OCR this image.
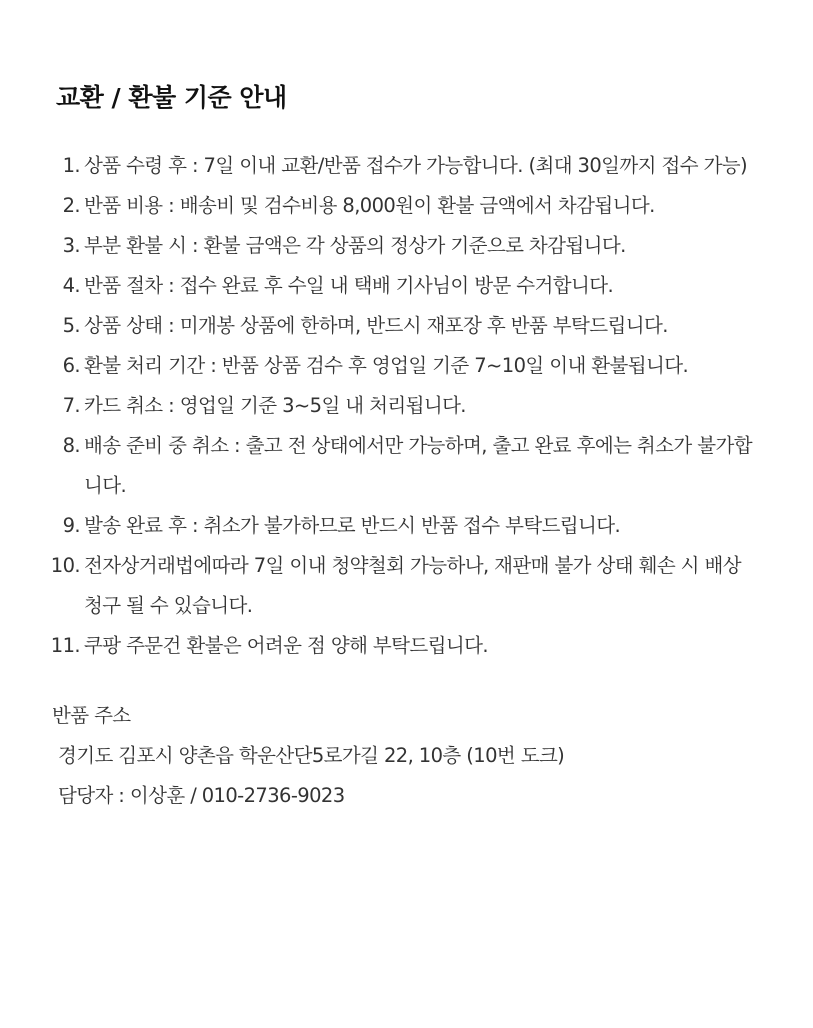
교환 / 환불 기준 안내
1. 상품 수령 후 : 7일 이내 교환/반품 접수가 가능합니다. (최대 30일까지 접수 가능)
2. 반품 비용 : 배송비 및 검수비용 8,000원이 환불 금액에서 차감됩니다.
3. 부분 환불 시 : 환불 금액은 각 상품의 정상가 기준으로 차감됩니다.
4. 반품 절차 : 접수 완료 후 수일 내 택배 기사님이 방문 수거합니다.
5. 상품 상태 : 미개봉 상품에 한하며, 반드시 재포장 후 반품 부탁드립니다.
6. 환불 처리 기간 : 반품 상품 검수 후 영업일 기준 7~10일 이내 환불됩니다.
7. 카드 취소 : 영업일 기준 3~5일 내 처리됩니다.
8. 배송 준비 중 취소 : 출고 전 상태에서만 가능하며, 출고 완료 후에는 취소가 불가합니다.
9. 발송 완료 후 : 취소가 불가하므로 반드시 반품 접수 부탁드립니다.
10. 전자상거래법에따라 7일 이내 청약철회 가능하나, 재판매 불가 상태 훼손 시 배상 청구 될 수 있습니다.
11. 쿠팡 주문건 환불은 어려운 점 양해 부탁드립니다.
반품 주소
경기도 김포시 양촌읍 학운산단5로가길 22, 10층 (10번 도크)
담당자 : 이상훈 / 010-2736-9023
